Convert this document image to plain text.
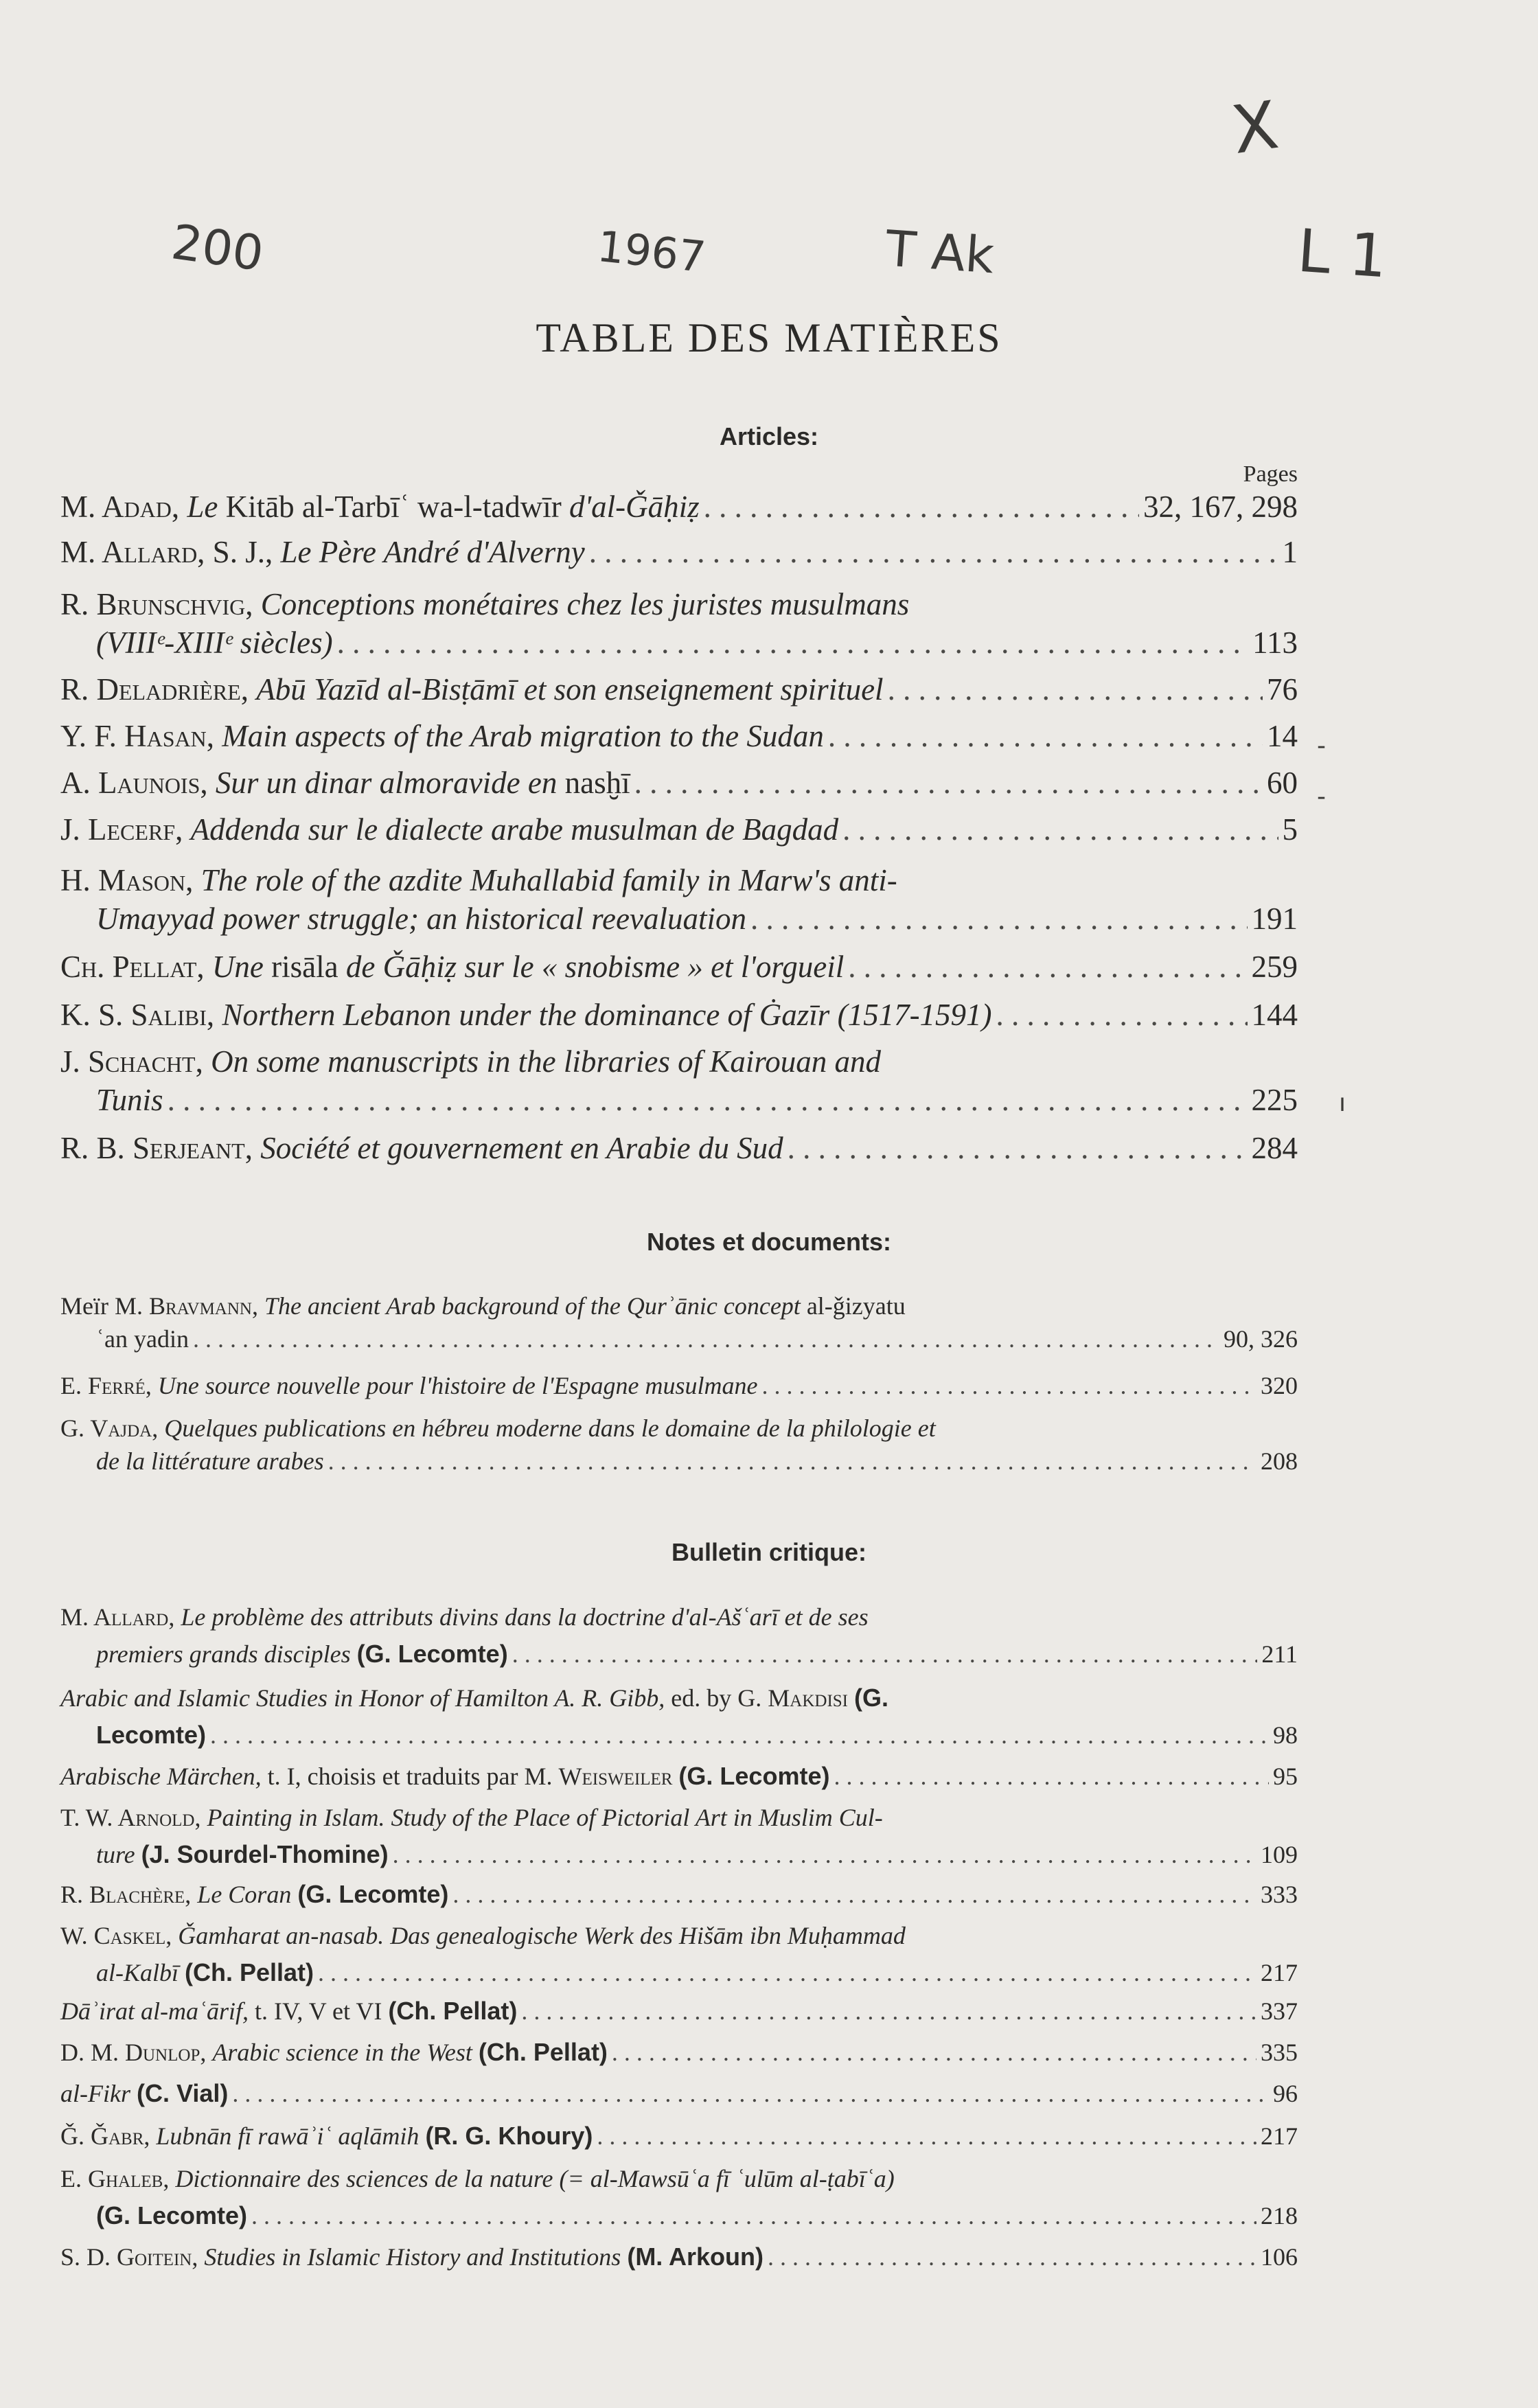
X
200	1967	T Ak	L 1
TABLE DES MATIÈRES
Articles:
Pages
M. Adad, Le Kitāb al-Tarbīʿ wa-l-tadwīr d'al-Ǧāḥiẓ . . .	32, 167, 298
M. Allard, S. J., Le Père André d'Alverny . . .	1
R. Brunschvig, Conceptions monétaires chez les juristes musulmans
(VIIIᵉ-XIIIᵉ siècles) . . .	113
R. Deladrière, Abū Yazīd al-Bisṭāmī et son enseignement spirituel . . .	76
Y. F. Hasan, Main aspects of the Arab migration to the Sudan . . .	14
A. Launois, Sur un dinar almoravide en nasḫī . . .	60
J. Lecerf, Addenda sur le dialecte arabe musulman de Bagdad . . .	5
H. Mason, The role of the azdite Muhallabid family in Marw's anti-
Umayyad power struggle; an historical reevaluation . . .	191
Ch. Pellat, Une risāla de Ǧāḥiẓ sur le « snobisme » et l'orgueil . . .	259
K. S. Salibi, Northern Lebanon under the dominance of Ġazīr (1517-1591) . . .	144
J. Schacht, On some manuscripts in the libraries of Kairouan and
Tunis . . .	225
R. B. Serjeant, Société et gouvernement en Arabie du Sud . . .	284
‐
‐
ı
Notes et documents:
Meïr M. Bravmann, The ancient Arab background of the Qurʾānic concept al-ǧizyatu
ʿan yadin . . .	90, 326
E. Ferré, Une source nouvelle pour l'histoire de l'Espagne musulmane . . .	320
G. Vajda, Quelques publications en hébreu moderne dans le domaine de la philologie et
de la littérature arabes . . .	208
Bulletin critique:
M. Allard, Le problème des attributs divins dans la doctrine d'al-Ašʿarī et de ses
premiers grands disciples (G. Lecomte) . . .	211
Arabic and Islamic Studies in Honor of Hamilton A. R. Gibb, ed. by G. Makdisi (G.
Lecomte) . . .	98
Arabische Märchen, t. I, choisis et traduits par M. Weisweiler (G. Lecomte) . . .	95
T. W. Arnold, Painting in Islam. Study of the Place of Pictorial Art in Muslim Cul-
ture (J. Sourdel-Thomine) . . .	109
R. Blachère, Le Coran (G. Lecomte) . . .	333
W. Caskel, Ǧamharat an-nasab. Das genealogische Werk des Hišām ibn Muḥammad
al-Kalbī (Ch. Pellat) . . .	217
Dāʾirat al-maʿārif, t. IV, V et VI (Ch. Pellat) . . .	337
D. M. Dunlop, Arabic science in the West (Ch. Pellat) . . .	335
al-Fikr (C. Vial) . . .	96
Ǧ. Ǧabr, Lubnān fī rawāʾiʿ aqlāmih (R. G. Khoury) . . .	217
E. Ghaleb, Dictionnaire des sciences de la nature (= al-Mawsūʿa fī ʿulūm al-ṭabīʿa)
(G. Lecomte) . . .	218
S. D. Goitein, Studies in Islamic History and Institutions (M. Arkoun) . . .	106
